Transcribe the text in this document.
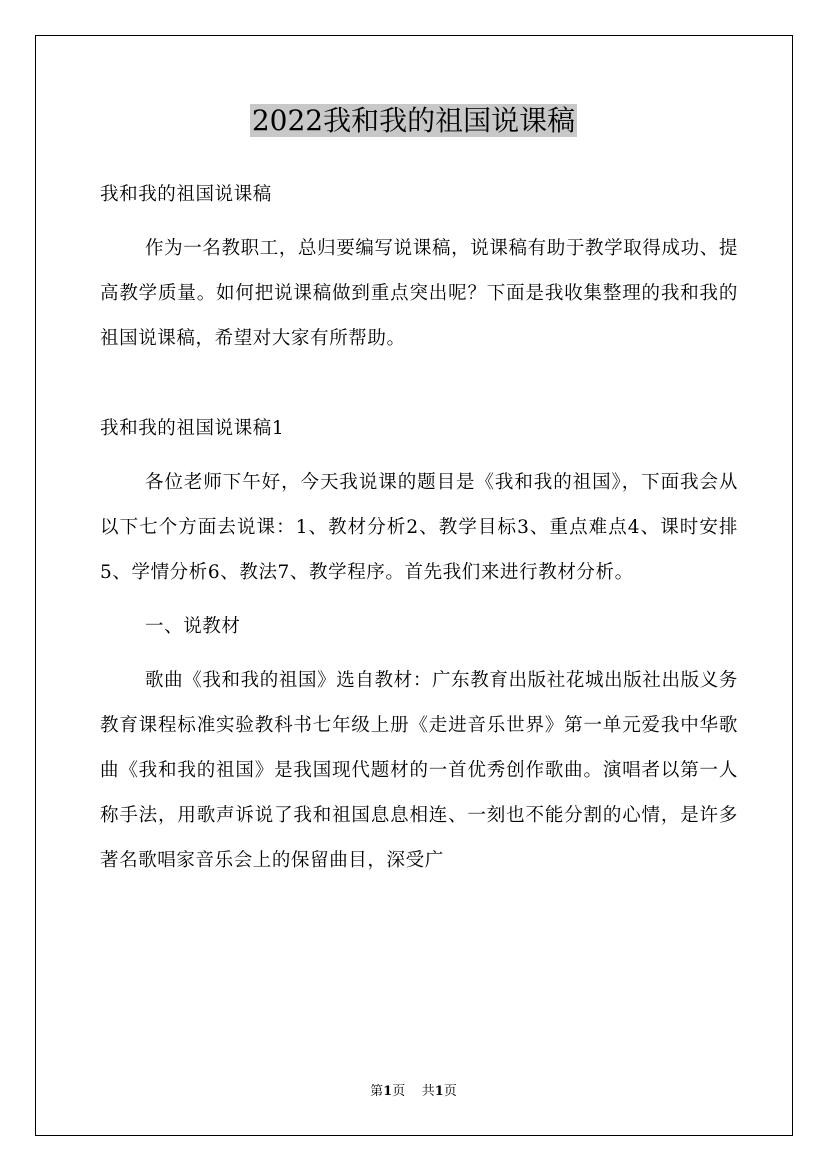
2022我和我的祖国说课稿

我和我的祖国说课稿

作为一名教职工，总归要编写说课稿，说课稿有助于教学取得成功、提高教学质量。如何把说课稿做到重点突出呢？下面是我收集整理的我和我的祖国说课稿，希望对大家有所帮助。

我和我的祖国说课稿1

各位老师下午好，今天我说课的题目是《我和我的祖国》，下面我会从以下七个方面去说课：1、教材分析2、教学目标3、重点难点4、课时安排5、学情分析6、教法7、教学程序。首先我们来进行教材分析。

一、说教材

歌曲《我和我的祖国》选自教材：广东教育出版社花城出版社出版义务教育课程标准实验教科书七年级上册《走进音乐世界》第一单元爱我中华歌曲《我和我的祖国》是我国现代题材的一首优秀创作歌曲。演唱者以第一人称手法，用歌声诉说了我和祖国息息相连、一刻也不能分割的心情，是许多著名歌唱家音乐会上的保留曲目，深受广

第1页 共1页
